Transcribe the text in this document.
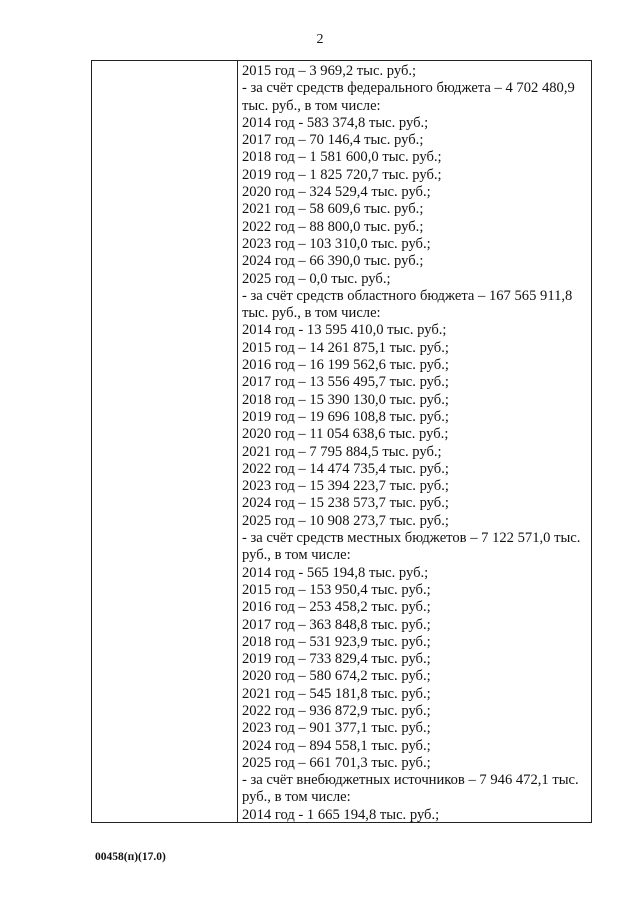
2
2015 год – 3 969,2 тыс. руб.;
- за счёт средств федерального бюджета – 4 702 480,9
тыс. руб., в том числе:
2014 год - 583 374,8 тыс. руб.;
2017 год – 70 146,4 тыс. руб.;
2018 год – 1 581 600,0 тыс. руб.;
2019 год – 1 825 720,7 тыс. руб.;
2020 год – 324 529,4 тыс. руб.;
2021 год – 58 609,6 тыс. руб.;
2022 год – 88 800,0 тыс. руб.;
2023 год – 103 310,0 тыс. руб.;
2024 год – 66 390,0 тыс. руб.;
2025 год – 0,0 тыс. руб.;
- за счёт средств областного бюджета – 167 565 911,8
тыс. руб., в том числе:
2014 год - 13 595 410,0 тыс. руб.;
2015 год – 14 261 875,1 тыс. руб.;
2016 год – 16 199 562,6 тыс. руб.;
2017 год – 13 556 495,7 тыс. руб.;
2018 год – 15 390 130,0 тыс. руб.;
2019 год – 19 696 108,8 тыс. руб.;
2020 год – 11 054 638,6 тыс. руб.;
2021 год – 7 795 884,5 тыс. руб.;
2022 год – 14 474 735,4 тыс. руб.;
2023 год – 15 394 223,7 тыс. руб.;
2024 год – 15 238 573,7 тыс. руб.;
2025 год – 10 908 273,7 тыс. руб.;
- за счёт средств местных бюджетов – 7 122 571,0 тыс.
руб., в том числе:
2014 год - 565 194,8 тыс. руб.;
2015 год – 153 950,4 тыс. руб.;
2016 год – 253 458,2 тыс. руб.;
2017 год – 363 848,8 тыс. руб.;
2018 год – 531 923,9 тыс. руб.;
2019 год – 733 829,4 тыс. руб.;
2020 год – 580 674,2 тыс. руб.;
2021 год – 545 181,8 тыс. руб.;
2022 год – 936 872,9 тыс. руб.;
2023 год – 901 377,1 тыс. руб.;
2024 год – 894 558,1 тыс. руб.;
2025 год – 661 701,3 тыс. руб.;
- за счёт внебюджетных источников – 7 946 472,1 тыс.
руб., в том числе:
2014 год - 1 665 194,8 тыс. руб.;
00458(п)(17.0)
